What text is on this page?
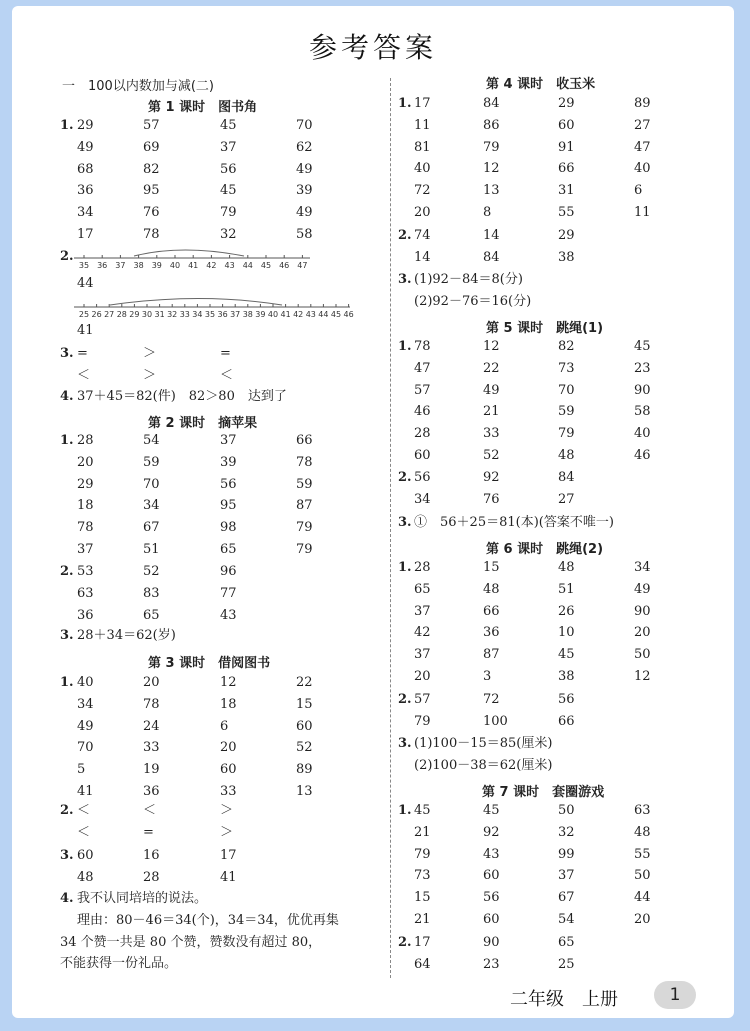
参考答案
一　100以内数加与减(二)
第 1 课时　图书角
第 2 课时　摘苹果
第 3 课时　借阅图书
第 4 课时　收玉米
第 5 课时　跳绳(1)
第 6 课时　跳绳(2)
第 7 课时　套圈游戏
35 36 37 38 39 40 41 42 43 44 45 46 47
25 26 27 28 29 30 31 32 33 34 35 36 37 38 39 40 41 42 43 44 45 46
二年级　上册	1
1. 29	57	45	70
49	69	37	62
68	82	56	49
36	95	45	39
34	76	79	49
17	78	32	58
2.
44
41
3. =	＞	=
＜	＞	＜
4. 37＋45＝82(件)　82＞80　达到了
1. 28	54	37	66
20	59	39	78
29	70	56	59
18	34	95	87
78	67	98	79
37	51	65	79
2. 53	52	96
63	83	77
36	65	43
3. 28＋34＝62(岁)
1. 40	20	12	22
34	78	18	15
49	24	6	60
70	33	20	52
5	19	60	89
41	36	33	13
2. ＜	＜	＞
＜	=	＞
3. 60	16	17
48	28	41
4. 我不认同培培的说法。
理由：80－46＝34(个)，34＝34，优优再集
34 个赞一共是 80 个赞，赞数没有超过 80，
不能获得一份礼品。
1. 17	84	29	89
11	86	60	27
81	79	91	47
40	12	66	40
72	13	31	6
20	8	55	11
2. 74	14	29
14	84	38
3. (1)92－84＝8(分)
(2)92－76＝16(分)
1. 78	12	82	45
47	22	73	23
57	49	70	90
46	21	59	58
28	33	79	40
60	52	48	46
2. 56	92	84
34	76	27
3. ①　56＋25＝81(本)(答案不唯一)
1. 28	15	48	34
65	48	51	49
37	66	26	90
42	36	10	20
37	87	45	50
20	3	38	12
2. 57	72	56
79	100	66
3. (1)100－15＝85(厘米)
(2)100－38＝62(厘米)
1. 45	45	50	63
21	92	32	48
79	43	99	55
73	60	37	50
15	56	67	44
21	60	54	20
2. 17	90	65
64	23	25
